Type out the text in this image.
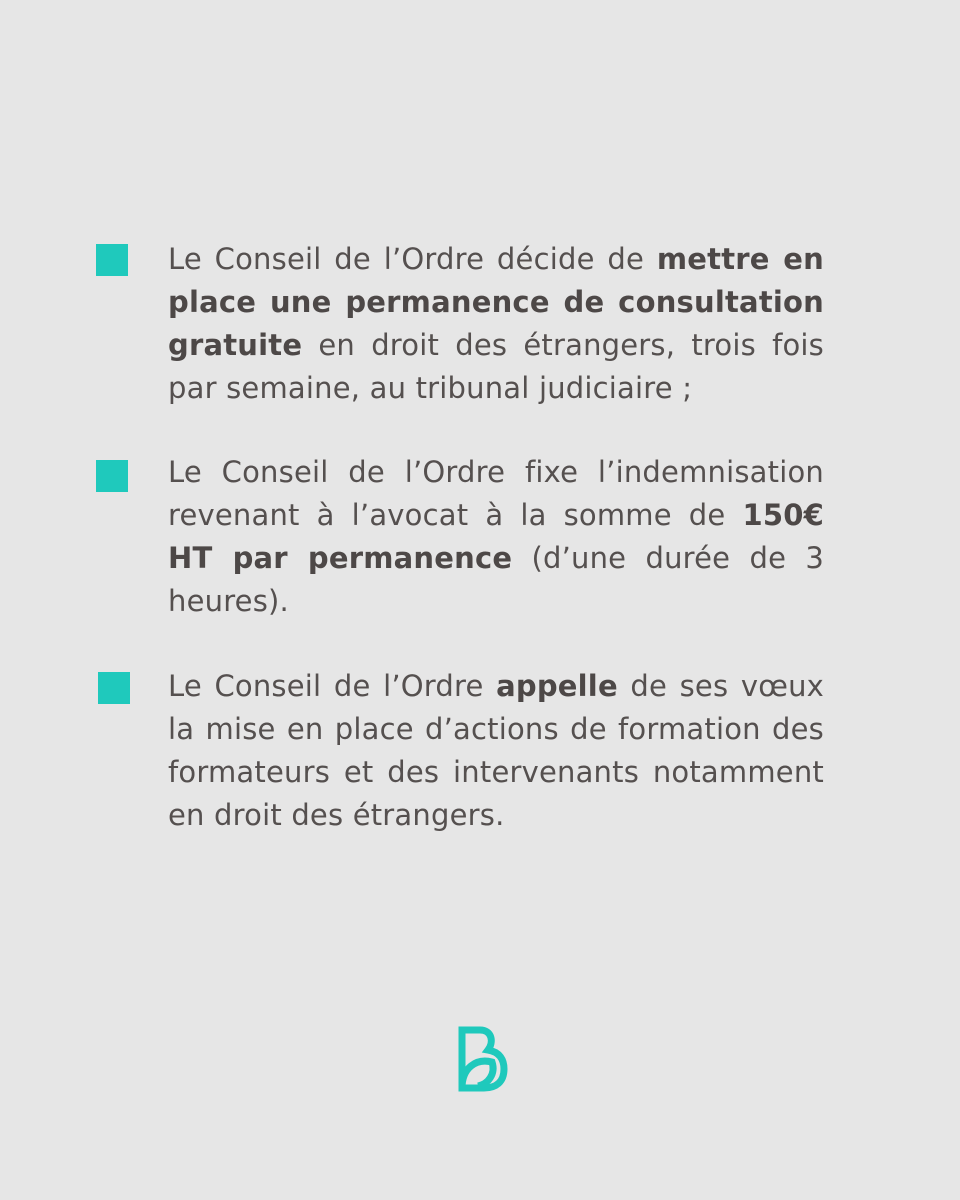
Le Conseil de l’Ordre décide de mettre en place une permanence de consultation gratuite en droit des étrangers, trois fois par semaine, au tribunal judiciaire ;

Le Conseil de l’Ordre fixe l’indemnisation revenant à l’avocat à la somme de 150€ HT par permanence (d’une durée de 3 heures).

Le Conseil de l’Ordre appelle de ses vœux la mise en place d’actions de formation des formateurs et des intervenants notamment en droit des étrangers.
